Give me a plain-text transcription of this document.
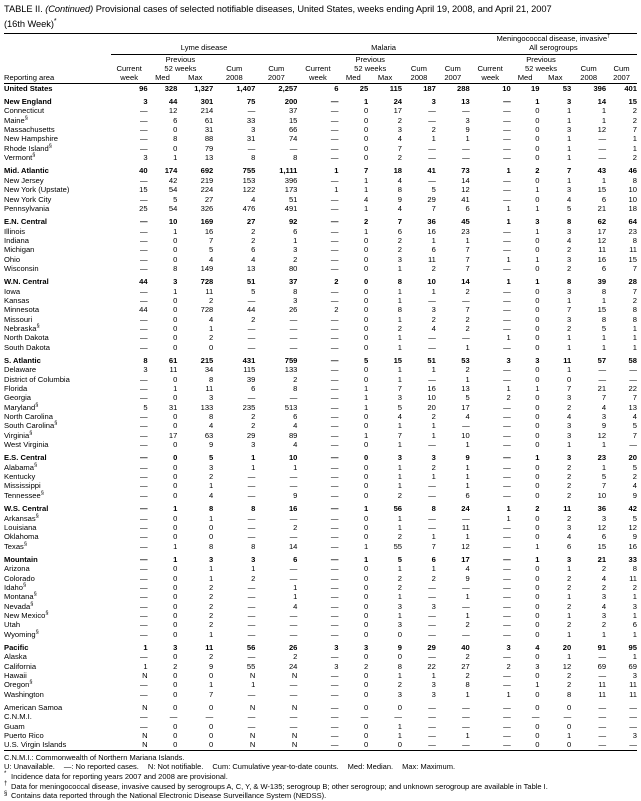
TABLE II. (Continued) Provisional cases of selected notifiable diseases, United States, weeks ending April 19, 2008, and April 21, 2007
(16th Week)*

	Lyme disease					Malaria					Meningococcal disease, invasive†
All serogroups				

		Previous					Previous					Previous			
	Current	52 weeks		Cum	Cum	Current	52 weeks		Cum	Cum	Current	52 weeks		Cum	Cum
Reporting area	week	Med	Max	2008	2007	week	Med	Max	2008	2007	week	Med	Max	2008	2007

United States	96	328	1,327	1,407	2,257	6	25	115	187	288	10	19	53	396	401

New England	3	44	301	75	200	—	1	24	3	13	—	1	3	14	15
Connecticut	—	12	214	—	37	—	0	17	—	—	—	0	1	1	2
Maine§	—	6	61	33	15	—	0	2	—	3	—	0	1	1	2
Massachusetts	—	0	31	3	66	—	0	3	2	9	—	0	3	12	7
New Hampshire	—	8	88	31	74	—	0	4	1	1	—	0	1	—	1
Rhode Island§	—	0	79	—	—	—	0	7	—	—	—	0	1	—	1
Vermont§	3	1	13	8	8	—	0	2	—	—	—	0	1	—	2

Mid. Atlantic	40	174	692	755	1,111	1	7	18	41	73	1	2	7	43	46
New Jersey	—	42	219	153	396	—	1	4	—	14	—	0	1	1	8
New York (Upstate)	15	54	224	122	173	1	1	8	5	12	—	1	3	15	10
New York City	—	5	27	4	51	—	4	9	29	41	—	0	4	6	10
Pennsylvania	25	54	326	476	491	—	1	4	7	6	1	1	5	21	18

E.N. Central	—	10	169	27	92	—	2	7	36	45	1	3	8	62	64
Illinois	—	1	16	2	6	—	1	6	16	23	—	1	3	17	23
Indiana	—	0	7	2	1	—	0	2	1	1	—	0	4	12	8
Michigan	—	0	5	6	3	—	0	2	6	7	—	0	2	11	11
Ohio	—	0	4	4	2	—	0	3	11	7	1	1	3	16	15
Wisconsin	—	8	149	13	80	—	0	1	2	7	—	0	2	6	7

W.N. Central	44	3	728	51	37	2	0	8	10	14	1	1	8	39	28
Iowa	—	1	11	5	8	—	0	1	1	2	—	0	3	8	7
Kansas	—	0	2	—	3	—	0	1	—	—	—	0	1	1	2
Minnesota	44	0	728	44	26	2	0	8	3	7	—	0	7	15	8
Missouri	—	0	4	2	—	—	0	1	2	2	—	0	3	8	8
Nebraska§	—	0	1	—	—	—	0	2	4	2	—	0	2	5	1
North Dakota	—	0	2	—	—	—	0	1	—	—	1	0	1	1	1
South Dakota	—	0	0	—	—	—	0	1	—	1	—	0	1	1	1

S. Atlantic	8	61	215	431	759	—	5	15	51	53	3	3	11	57	58
Delaware	3	11	34	115	133	—	0	1	1	2	—	0	1	—	—
District of Columbia	—	0	8	39	2	—	0	1	—	1	—	0	0	—	—
Florida	—	1	11	6	8	—	1	7	16	13	1	1	7	21	22
Georgia	—	0	3	—	—	—	1	3	10	5	2	0	3	7	7
Maryland§	5	31	133	235	513	—	1	5	20	17	—	0	2	4	13
North Carolina	—	0	8	2	6	—	0	4	2	4	—	0	4	3	4
South Carolina§	—	0	4	2	4	—	0	1	1	—	—	0	3	9	5
Virginia§	—	17	63	29	89	—	1	7	1	10	—	0	3	12	7
West Virginia	—	0	9	3	4	—	0	1	—	1	—	0	1	1	—

E.S. Central	—	0	5	1	10	—	0	3	3	9	—	1	3	23	20
Alabama§	—	0	3	1	1	—	0	1	2	1	—	0	2	1	5
Kentucky	—	0	2	—	—	—	0	1	1	1	—	0	2	5	2
Mississippi	—	0	1	—	—	—	0	1	—	1	—	0	2	7	4
Tennessee§	—	0	4	—	9	—	0	2	—	6	—	0	2	10	9

W.S. Central	—	1	8	8	16	—	1	56	8	24	1	2	11	36	42
Arkansas§	—	0	1	—	—	—	0	1	—	—	1	0	2	3	5
Louisiana	—	0	0	—	2	—	0	1	—	11	—	0	3	12	12
Oklahoma	—	0	0	—	—	—	0	2	1	1	—	0	4	6	9
Texas§	—	1	8	8	14	—	1	55	7	12	—	1	6	15	16

Mountain	—	1	3	3	6	—	1	5	6	17	—	1	3	21	33
Arizona	—	0	1	1	—	—	0	1	1	4	—	0	1	2	8
Colorado	—	0	1	2	—	—	0	2	2	9	—	0	2	4	11
Idaho§	—	0	2	—	1	—	0	2	—	—	—	0	2	2	2
Montana§	—	0	2	—	1	—	0	1	—	1	—	0	1	3	1
Nevada§	—	0	2	—	4	—	0	3	3	—	—	0	2	4	3
New Mexico§	—	0	2	—	—	—	0	1	—	1	—	0	1	3	1
Utah	—	0	2	—	—	—	0	3	—	2	—	0	2	2	6
Wyoming§	—	0	1	—	—	—	0	0	—	—	—	0	1	1	1

Pacific	1	3	11	56	26	3	3	9	29	40	3	4	20	91	95
Alaska	—	0	2	—	2	—	0	0	—	2	—	0	1	—	1
California	1	2	9	55	24	3	2	8	22	27	2	3	12	69	69
Hawaii	N	0	0	N	N	—	0	1	1	2	—	0	2	—	3
Oregon§	—	0	1	1	—	—	0	2	3	8	—	1	2	11	11
Washington	—	0	7	—	—	—	0	3	3	1	1	0	8	11	11

American Samoa	N	0	0	N	N	—	0	0	—	—	—	0	0	—	—
C.N.M.I.	—	—	—	—	—	—	—	—	—	—	—	—	—	—	—
Guam	—	0	0	—	—	—	0	1	—	—	—	0	0	—	—
Puerto Rico	N	0	0	N	N	—	0	1	—	1	—	0	1	—	3
U.S. Virgin Islands	N	0	0	N	N	—	0	0	—	—	—	0	0	—	—

C.N.M.I.: Commonwealth of Northern Mariana Islands.
U: Unavailable. —: No reported cases. N: Not notifiable. Cum: Cumulative year-to-date counts. Med: Median. Max: Maximum.
* Incidence data for reporting years 2007 and 2008 are provisional.
† Data for meningococcal disease, invasive caused by serogroups A, C, Y, & W-135; serogroup B; other serogroup; and unknown serogroup are available in Table I.
§ Contains data reported through the National Electronic Disease Surveillance System (NEDSS).
